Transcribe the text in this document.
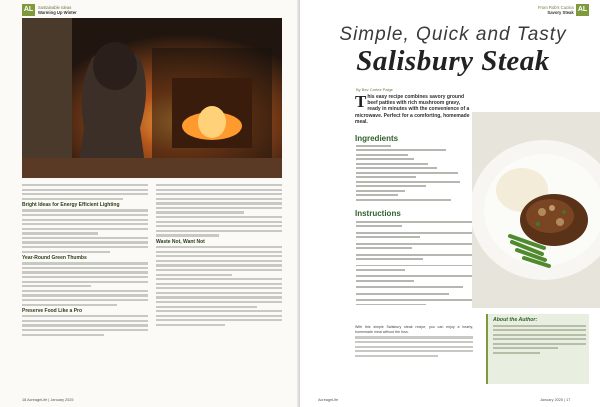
AL	Sustainable Ideas
Warming Up Winter
Bright Ideas for Energy Efficient Lighting
Year-Round Green Thumbs
Preserve Food Like a Pro
Waste Not, Want Not
18 AcreageLife | January 2025
From Rob's Cucina
Savory Steak AL
Simple, Quick and Tasty
Salisbury Steak
By Bev Cortez Paige
This easy recipe combines savory ground beef patties with rich mushroom gravy, ready in minutes with the convenience of a microwave. Perfect for a comforting, homemade meal.
Ingredients
Instructions

With this simple Salisbury steak recipe, you can enjoy a hearty, homemade meal without the fuss.

About the Author:
AcreageLife	January 2025 | 17
